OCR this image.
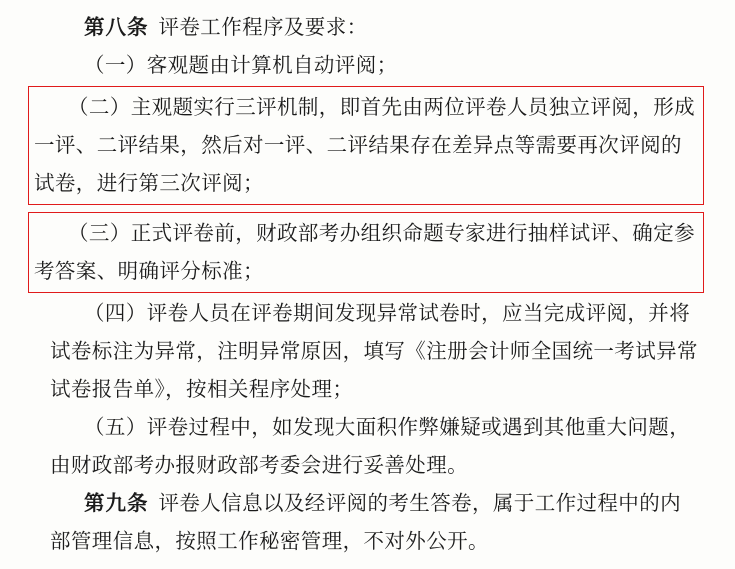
第八条 评卷工作程序及要求：
（一）客观题由计算机自动评阅；
（二）主观题实行三评机制，即首先由两位评卷人员独立评阅，形成一评、二评结果，然后对一评、二评结果存在差异点等需要再次评阅的试卷，进行第三次评阅；
（三）正式评卷前，财政部考办组织命题专家进行抽样试评、确定参考答案、明确评分标准；
（四）评卷人员在评卷期间发现异常试卷时，应当完成评阅，并将试卷标注为异常，注明异常原因，填写《注册会计师全国统一考试异常试卷报告单》，按相关程序处理；
（五）评卷过程中，如发现大面积作弊嫌疑或遇到其他重大问题，由财政部考办报财政部考委会进行妥善处理。
第九条 评卷人信息以及经评阅的考生答卷，属于工作过程中的内部管理信息，按照工作秘密管理，不对外公开。
